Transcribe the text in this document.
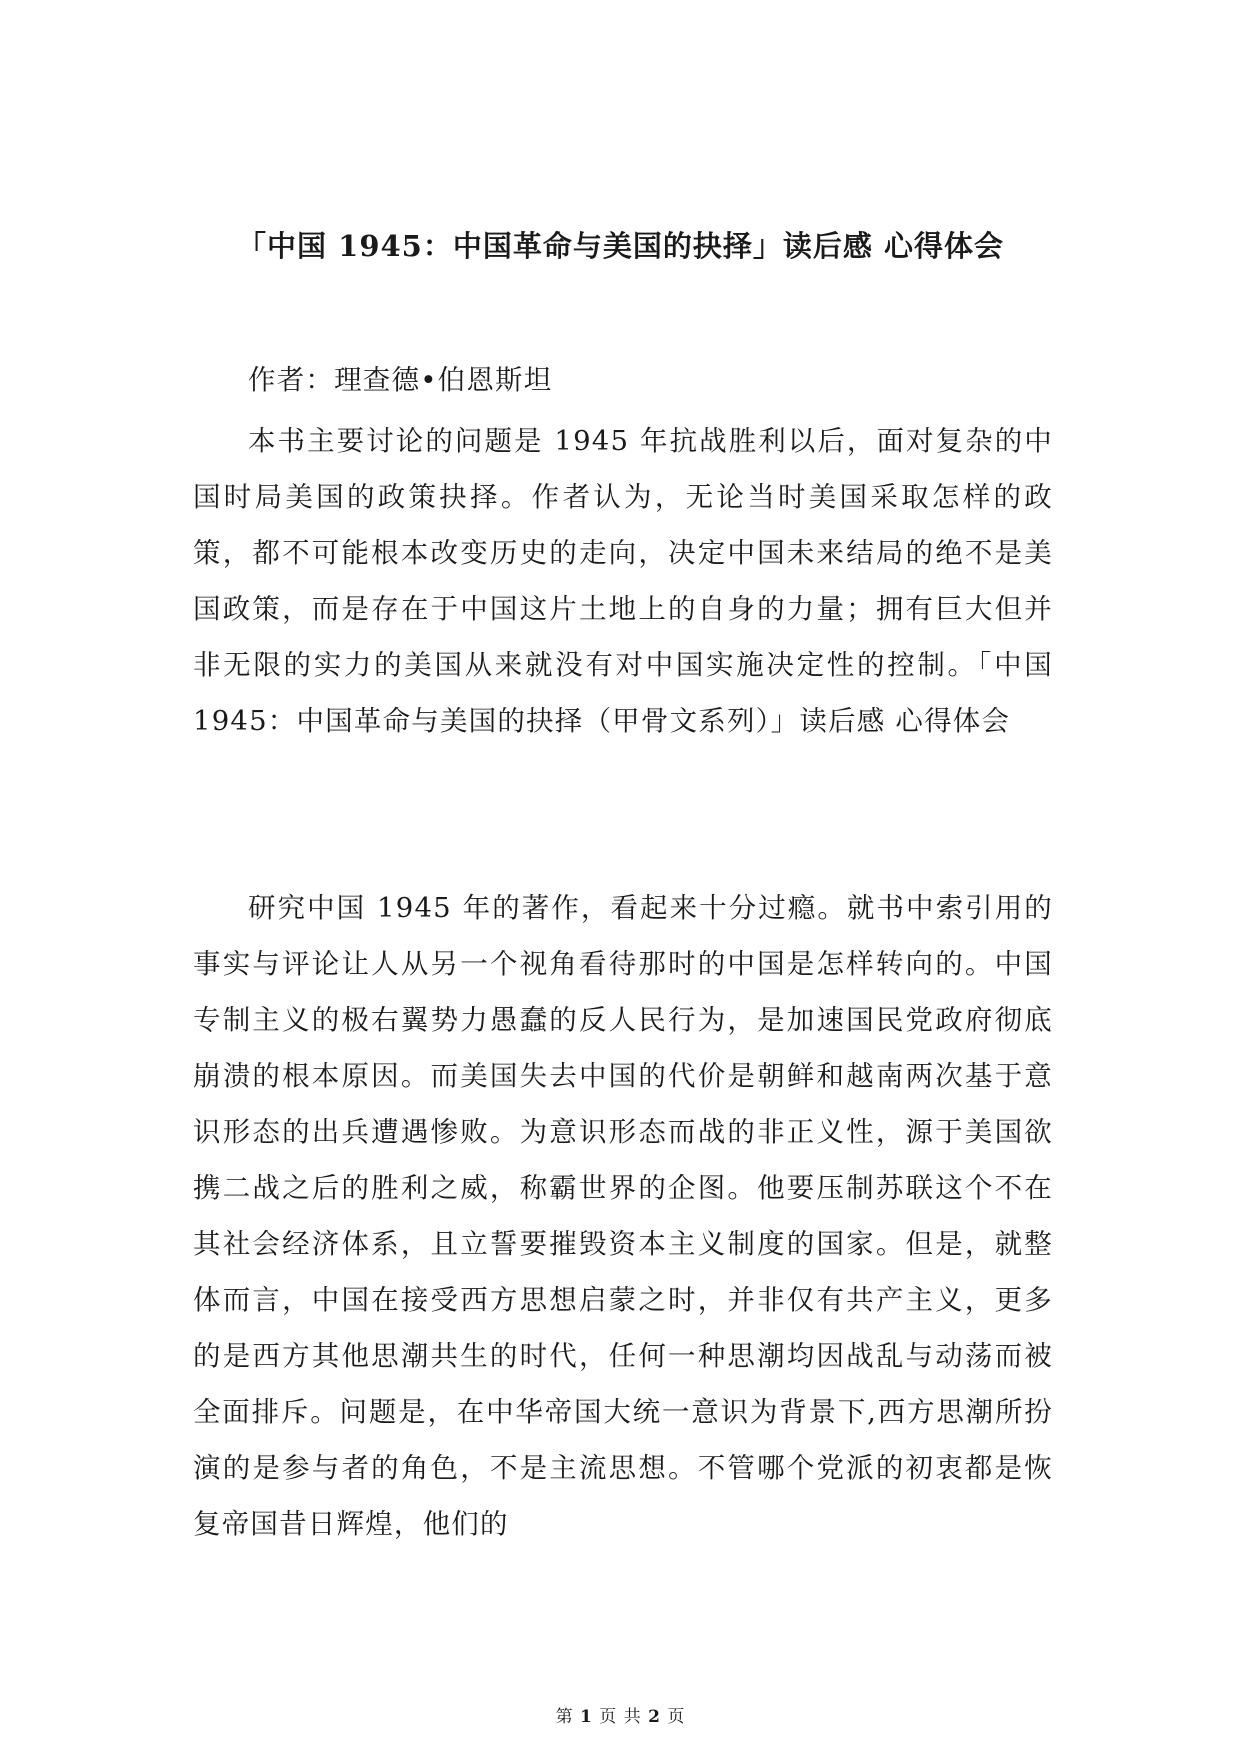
「中国 1945：中国革命与美国的抉择」读后感 心得体会

作者：理查德•伯恩斯坦

本书主要讨论的问题是 1945 年抗战胜利以后，面对复杂的中国时局美国的政策抉择。作者认为，无论当时美国采取怎样的政策，都不可能根本改变历史的走向，决定中国未来结局的绝不是美国政策，而是存在于中国这片土地上的自身的力量；拥有巨大但并非无限的实力的美国从来就没有对中国实施决定性的控制。「中国 1945：中国革命与美国的抉择（甲骨文系列）」读后感 心得体会

研究中国 1945 年的著作，看起来十分过瘾。就书中索引用的事实与评论让人从另一个视角看待那时的中国是怎样转向的。中国专制主义的极右翼势力愚蠢的反人民行为，是加速国民党政府彻底崩溃的根本原因。而美国失去中国的代价是朝鲜和越南两次基于意识形态的出兵遭遇惨败。为意识形态而战的非正义性，源于美国欲携二战之后的胜利之威，称霸世界的企图。他要压制苏联这个不在其社会经济体系，且立誓要摧毁资本主义制度的国家。但是，就整体而言，中国在接受西方思想启蒙之时，并非仅有共产主义，更多的是西方其他思潮共生的时代，任何一种思潮均因战乱与动荡而被全面排斥。问题是，在中华帝国大统一意识为背景下,西方思潮所扮演的是参与者的角色，不是主流思想。不管哪个党派的初衷都是恢复帝国昔日辉煌，他们的

第 1 页 共 2 页
